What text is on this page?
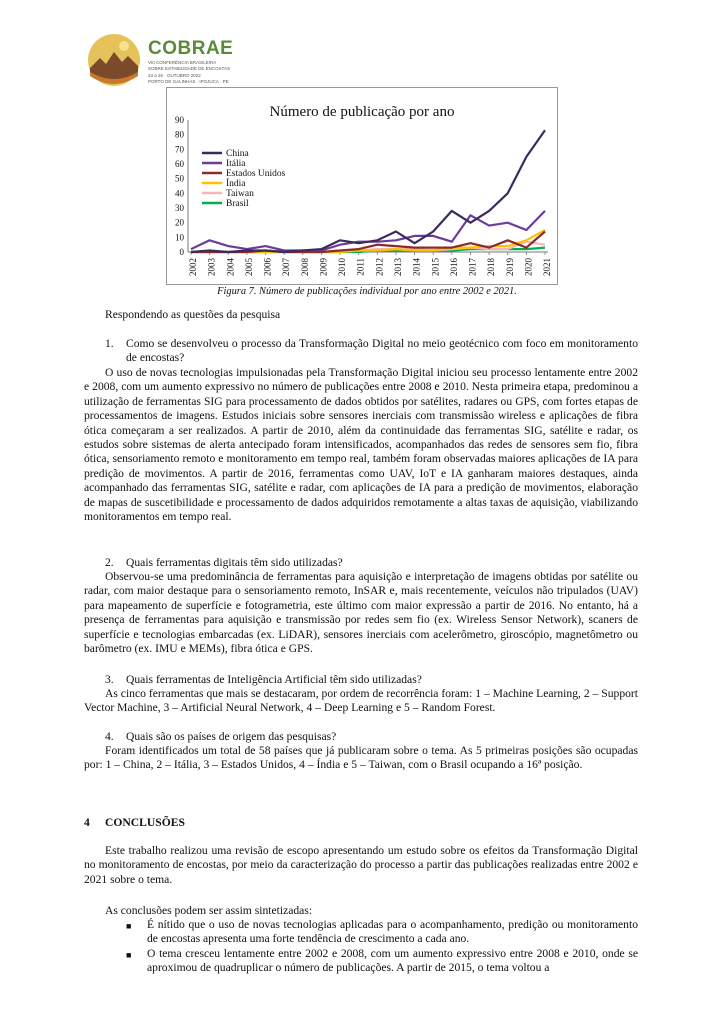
COBRAE
VIII CONFERÊNCIA BRASILEIRA
SOBRE ESTABILIDADE DE ENCOSTAS
23 a 26 · OUTUBRO 2022
PORTO DE GALINHAS · IPOJUCA · PE
Número de publicação por ano
0
10
20
30
40
50
60
70
80
90
2002 2003 2004 2005 2006 2007 2008 2009 2010 2011 2012 2013 2014 2015 2016 2017 2018 2019 2020 2021
China
Itália
Estados Unidos
Índia
Taiwan
Brasil
Figura 7. Número de publicações individual por ano entre 2002 e 2021.

Respondendo as questões da pesquisa

1. Como se desenvolveu o processo da Transformação Digital no meio geotécnico com foco em monitoramento de encostas?

O uso de novas tecnologias impulsionadas pela Transformação Digital iniciou seu processo lentamente entre 2002 e 2008, com um aumento expressivo no número de publicações entre 2008 e 2010. Nesta primeira etapa, predominou a utilização de ferramentas SIG para processamento de dados obtidos por satélites, radares ou GPS, com fortes etapas de processamentos de imagens. Estudos iniciais sobre sensores inerciais com transmissão wireless e aplicações de fibra ótica começaram a ser realizados. A partir de 2010, além da continuidade das ferramentas SIG, satélite e radar, os estudos sobre sistemas de alerta antecipado foram intensificados, acompanhados das redes de sensores sem fio, fibra ótica, sensoriamento remoto e monitoramento em tempo real, também foram observadas maiores aplicações de IA para predição de movimentos. A partir de 2016, ferramentas como UAV, IoT e IA ganharam maiores destaques, ainda acompanhado das ferramentas SIG, satélite e radar, com aplicações de IA para a predição de movimentos, elaboração de mapas de suscetibilidade e processamento de dados adquiridos remotamente a altas taxas de aquisição, viabilizando monitoramentos em tempo real.

2. Quais ferramentas digitais têm sido utilizadas?

Observou-se uma predominância de ferramentas para aquisição e interpretação de imagens obtidas por satélite ou radar, com maior destaque para o sensoriamento remoto, InSAR e, mais recentemente, veículos não tripulados (UAV) para mapeamento de superfície e fotogrametria, este último com maior expressão a partir de 2016. No entanto, há a presença de ferramentas para aquisição e transmissão por redes sem fio (ex. Wireless Sensor Network), scaners de superfície e tecnologias embarcadas (ex. LiDAR), sensores inerciais com acelerômetro, giroscópio, magnetômetro ou barômetro (ex. IMU e MEMs), fibra ótica e GPS.

3. Quais ferramentas de Inteligência Artificial têm sido utilizadas?

As cinco ferramentas que mais se destacaram, por ordem de recorrência foram: 1 – Machine Learning, 2 – Support Vector Machine, 3 – Artificial Neural Network, 4 – Deep Learning e 5 – Random Forest.

4. Quais são os países de origem das pesquisas?

Foram identificados um total de 58 países que já publicaram sobre o tema. As 5 primeiras posições são ocupadas por: 1 – China, 2 – Itália, 3 – Estados Unidos, 4 – Índia e 5 – Taiwan, com o Brasil ocupando a 16ª posição.

4 CONCLUSÕES

Este trabalho realizou uma revisão de escopo apresentando um estudo sobre os efeitos da Transformação Digital no monitoramento de encostas, por meio da caracterização do processo a partir das publicações realizadas entre 2002 e 2021 sobre o tema.

As conclusões podem ser assim sintetizadas:

■ É nítido que o uso de novas tecnologias aplicadas para o acompanhamento, predição ou monitoramento de encostas apresenta uma forte tendência de crescimento a cada ano.

■ O tema cresceu lentamente entre 2002 e 2008, com um aumento expressivo entre 2008 e 2010, onde se aproximou de quadruplicar o número de publicações. A partir de 2015, o tema voltou a
